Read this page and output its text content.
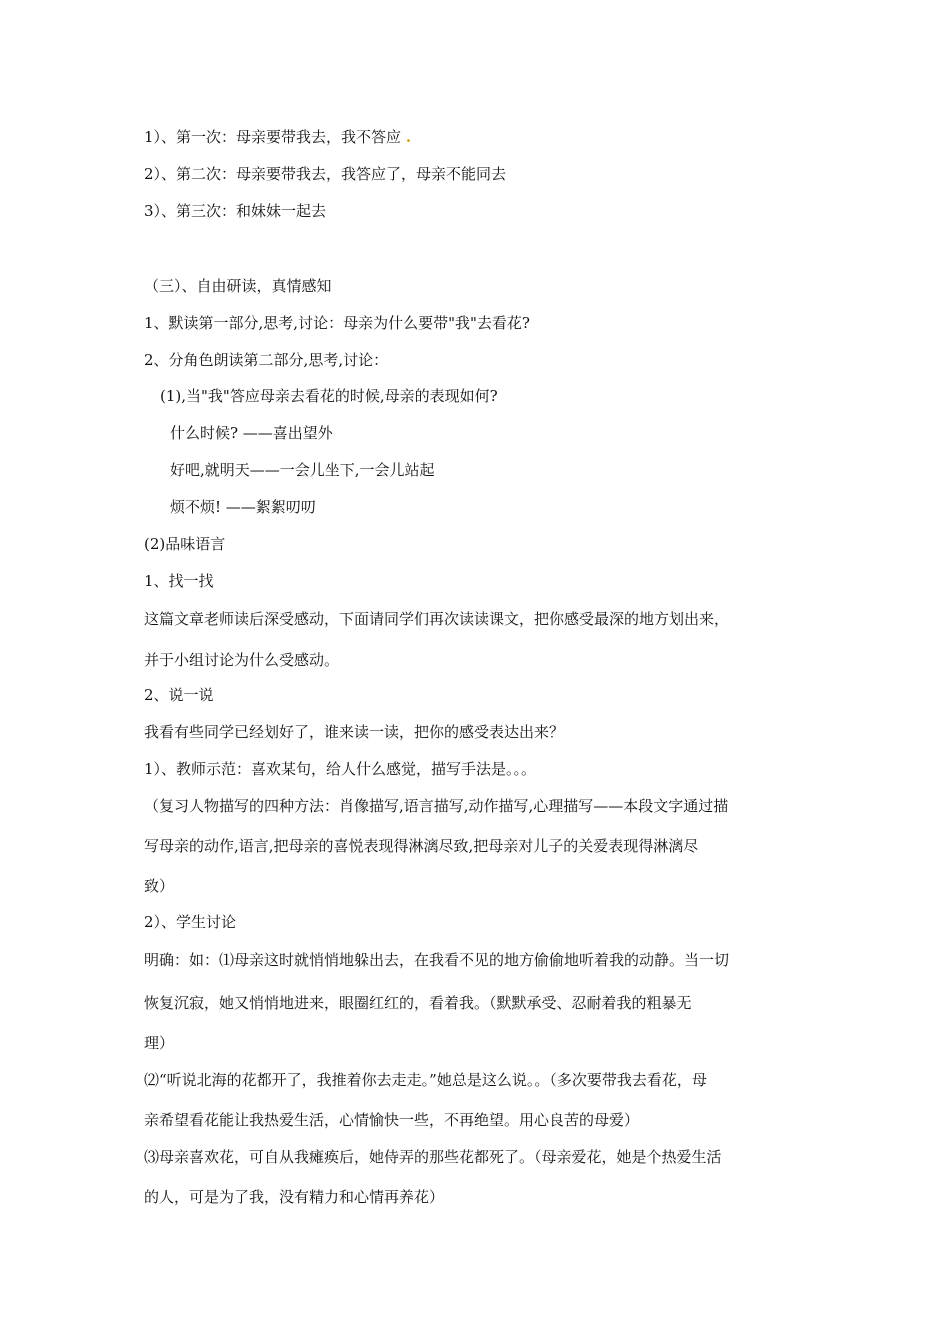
1）、第一次：母亲要带我去，我不答应 .
2）、第二次：母亲要带我去，我答应了，母亲不能同去
3）、第三次：和妹妹一起去
（三）、自由研读，真情感知
1、默读第一部分,思考,讨论：母亲为什么要带"我"去看花?
2、分角色朗读第二部分,思考,讨论：
(1),当"我"答应母亲去看花的时候,母亲的表现如何?
什么时候? ——喜出望外
好吧,就明天——一会儿坐下,一会儿站起
烦不烦! ——絮絮叨叨
(2)品味语言
1、找一找
这篇文章老师读后深受感动，下面请同学们再次读读课文，把你感受最深的地方划出来，
并于小组讨论为什么受感动。
2、说一说
我看有些同学已经划好了，谁来读一读，把你的感受表达出来？
1）、教师示范：喜欢某句，给人什么感觉，描写手法是。。。
（复习人物描写的四种方法：肖像描写,语言描写,动作描写,心理描写——本段文字通过描
写母亲的动作,语言,把母亲的喜悦表现得淋漓尽致,把母亲对儿子的关爱表现得淋漓尽
致）
2）、学生讨论
明确：如：⑴母亲这时就悄悄地躲出去，在我看不见的地方偷偷地听着我的动静。当一切
恢复沉寂，她又悄悄地进来，眼圈红红的，看着我。（默默承受、忍耐着我的粗暴无
理）
⑵“听说北海的花都开了，我推着你去走走。”她总是这么说。。（多次要带我去看花，母
亲希望看花能让我热爱生活，心情愉快一些，不再绝望。用心良苦的母爱）
⑶母亲喜欢花，可自从我瘫痪后，她侍弄的那些花都死了。（母亲爱花，她是个热爱生活
的人，可是为了我，没有精力和心情再养花）
